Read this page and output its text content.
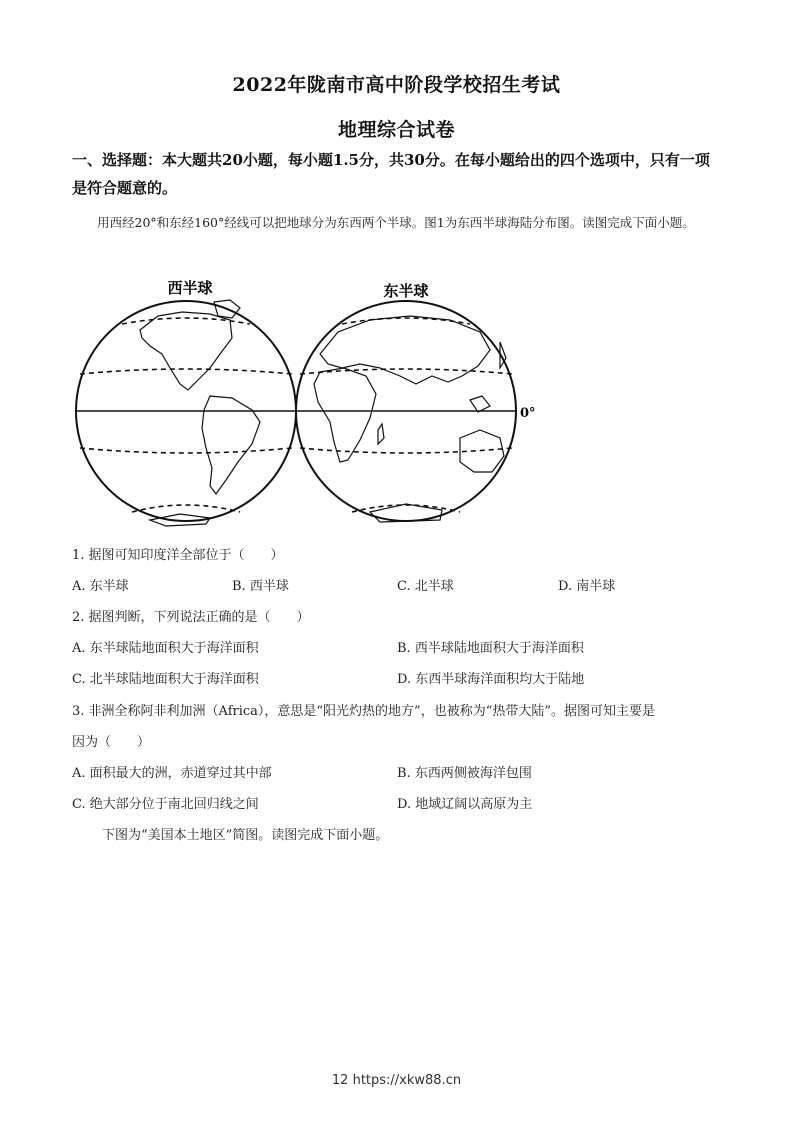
2022年陇南市高中阶段学校招生考试
地理综合试卷
一、选择题：本大题共20小题，每小题1.5分，共30分。在每小题给出的四个选项中，只有一项是符合题意的。
用西经20°和东经160°经线可以把地球分为东西两个半球。图1为东西半球海陆分布图。读图完成下面小题。
西半球	东半球
0°
1. 据图可知印度洋全部位于（　　）
A. 东半球	B. 西半球	C. 北半球	D. 南半球
2. 据图判断，下列说法正确的是（　　）
A. 东半球陆地面积大于海洋面积	B. 西半球陆地面积大于海洋面积
C. 北半球陆地面积大于海洋面积	D. 东西半球海洋面积均大于陆地
3. 非洲全称阿非利加洲（Africa），意思是“阳光灼热的地方”，也被称为“热带大陆”。据图可知主要是
因为（　　）
A. 面积最大的洲，赤道穿过其中部	B. 东西两侧被海洋包围
C. 绝大部分位于南北回归线之间	D. 地域辽阔以高原为主
下图为“美国本土地区”简图。读图完成下面小题。
12 https://xkw88.cn
